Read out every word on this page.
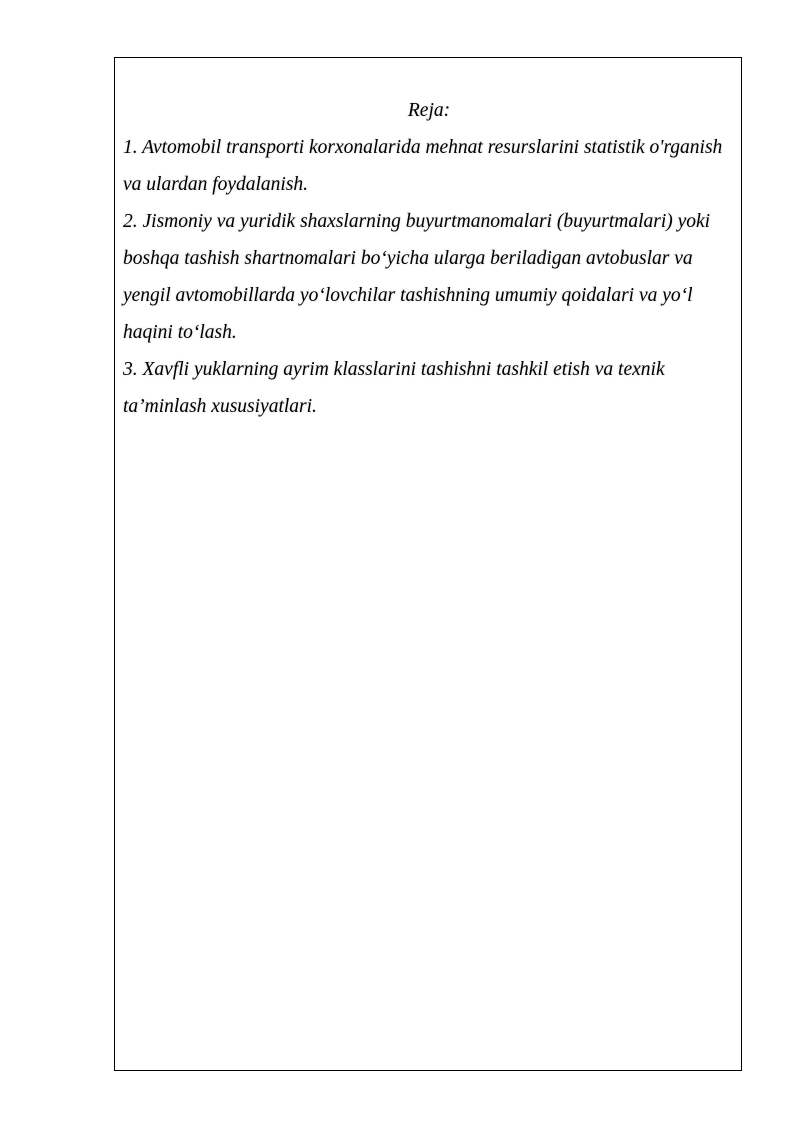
Reja:

1. Avtomobil transporti korxonalarida mehnat resurslarini statistik o'rganish va ulardan foydalanish.

2. Jismoniy va yuridik shaxslarning buyurtmanomalari (buyurtmalari) yoki boshqa tashish shartnomalari bo‘yicha ularga beriladigan avtobuslar va yengil avtomobillarda yo‘lovchilar tashishning umumiy qoidalari va yo‘l haqini to‘lash.

3. Xavfli yuklarning ayrim klasslarini tashishni tashkil etish va texnik ta’minlash xususiyatlari.
